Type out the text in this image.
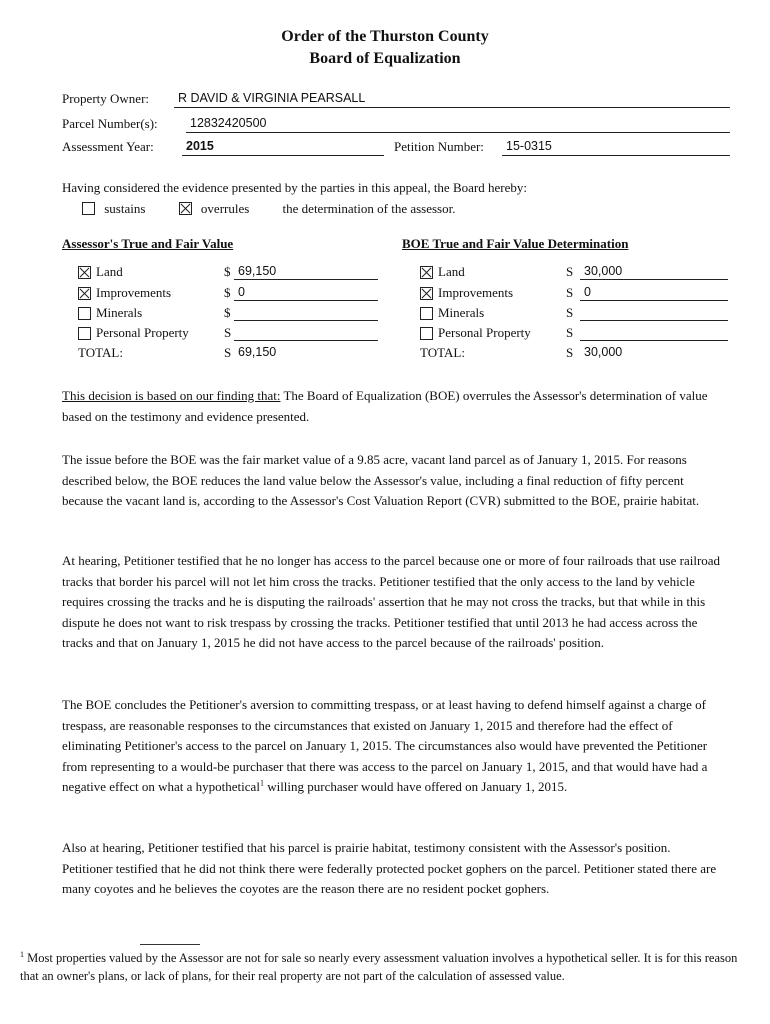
Order of the Thurston County
Board of Equalization
Property Owner:	R DAVID & VIRGINIA PEARSALL
Parcel Number(s):	12832420500
Assessment Year:	2015	Petition Number:	15-0315

Having considered the evidence presented by the parties in this appeal, the Board hereby:

sustains	overrules	the determination of the assessor.
Assessor's True and Fair Value	BOE True and Fair Value Determination
Land	$ 69,150
Improvements	$ 0
Minerals	$
Personal Property	S
TOTAL:	S 69,150
Land	S 30,000
Improvements	S 0
Minerals	S
Personal Property	S
TOTAL:	S 30,000

This decision is based on our finding that: The Board of Equalization (BOE) overrules the Assessor's determination of value based on the testimony and evidence presented.

The issue before the BOE was the fair market value of a 9.85 acre, vacant land parcel as of January 1, 2015. For reasons described below, the BOE reduces the land value below the Assessor's value, including a final reduction of fifty percent because the vacant land is, according to the Assessor's Cost Valuation Report (CVR) submitted to the BOE, prairie habitat.

At hearing, Petitioner testified that he no longer has access to the parcel because one or more of four railroads that use railroad tracks that border his parcel will not let him cross the tracks. Petitioner testified that the only access to the land by vehicle requires crossing the tracks and he is disputing the railroads' assertion that he may not cross the tracks, but that while in this dispute he does not want to risk trespass by crossing the tracks. Petitioner testified that until 2013 he had access across the tracks and that on January 1, 2015 he did not have access to the parcel because of the railroads' position.

The BOE concludes the Petitioner's aversion to committing trespass, or at least having to defend himself against a charge of trespass, are reasonable responses to the circumstances that existed on January 1, 2015 and therefore had the effect of eliminating Petitioner's access to the parcel on January 1, 2015. The circumstances also would have prevented the Petitioner from representing to a would-be purchaser that there was access to the parcel on January 1, 2015, and that would have had a negative effect on what a hypothetical$^1$ willing purchaser would have offered on January 1, 2015.

Also at hearing, Petitioner testified that his parcel is prairie habitat, testimony consistent with the Assessor's position. Petitioner testified that he did not think there were federally protected pocket gophers on the parcel. Petitioner stated there are many coyotes and he believes the coyotes are the reason there are no resident pocket gophers.

$^1$ Most properties valued by the Assessor are not for sale so nearly every assessment valuation involves a hypothetical seller. It is for this reason that an owner's plans, or lack of plans, for their real property are not part of the calculation of assessed value.
